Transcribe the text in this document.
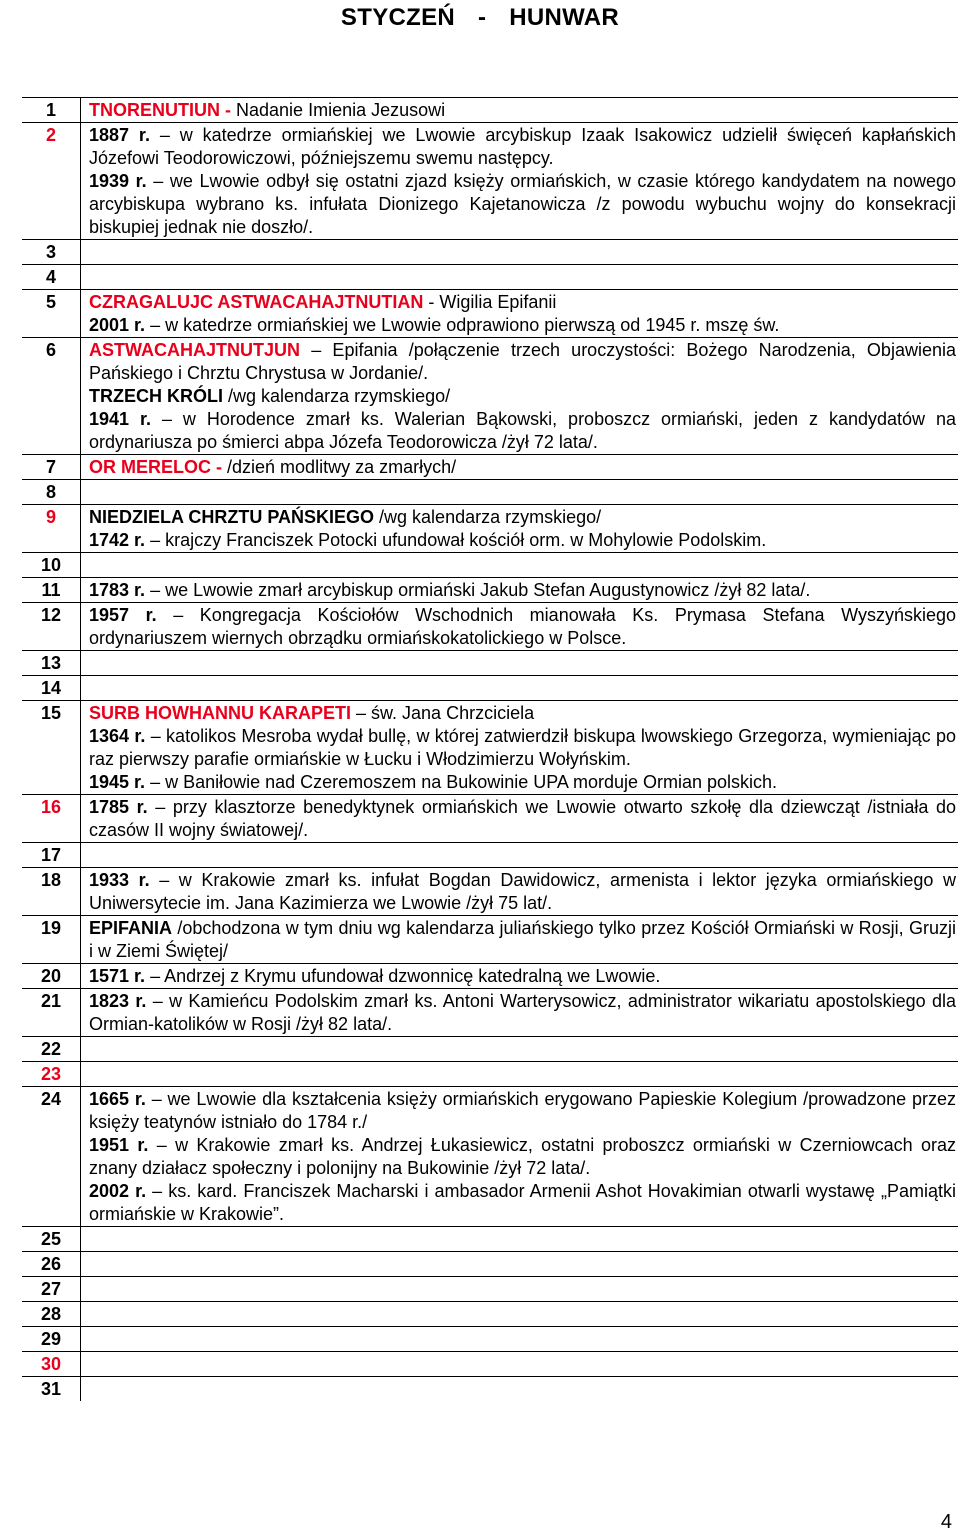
STYCZEŃ - HUNWAR
1	TNORENUTIUN - Nadanie Imienia Jezusowi
2	1887 r. – w katedrze ormiańskiej we Lwowie arcybiskup Izaak Isakowicz udzielił święceń kapłańskich Józefowi Teodorowiczowi, późniejszemu swemu następcy.
1939 r. – we Lwowie odbył się ostatni zjazd księży ormiańskich, w czasie którego kandydatem na nowego arcybiskupa wybrano ks. infułata Dionizego Kajetanowicza /z powodu wybuchu wojny do konsekracji biskupiej jednak nie doszło/.

3	
4	
5	CZRAGALUJC ASTWACAHAJTNUTIAN - Wigilia Epifanii
2001 r. – w katedrze ormiańskiej we Lwowie odprawiono pierwszą od 1945 r. mszę św.

6	ASTWACAHAJTNUTJUN – Epifania /połączenie trzech uroczystości: Bożego Narodzenia, Objawienia Pańskiego i Chrztu Chrystusa w Jordanie/.
TRZECH KRÓLI /wg kalendarza rzymskiego/
1941 r. – w Horodence zmarł ks. Walerian Bąkowski, proboszcz ormiański, jeden z kandydatów na ordynariusza po śmierci abpa Józefa Teodorowicza /żył 72 lata/.

7	OR MERELOC - /dzień modlitwy za zmarłych/
8	
9	NIEDZIELA CHRZTU PAŃSKIEGO /wg kalendarza rzymskiego/
1742 r. – krajczy Franciszek Potocki ufundował kościół orm. w Mohylowie Podolskim.

10	
11	1783 r. – we Lwowie zmarł arcybiskup ormiański Jakub Stefan Augustynowicz /żył 82 lata/.
12	1957 r. – Kongregacja Kościołów Wschodnich mianowała Ks. Prymasa Stefana Wyszyńskiego ordynariuszem wiernych obrządku ormiańskokatolickiego w Polsce.
13	
14	
15	SURB HOWHANNU KARAPETI – św. Jana Chrzciciela
1364 r. – katolikos Mesroba wydał bullę, w której zatwierdził biskupa lwowskiego Grzegorza, wymieniając po raz pierwszy parafie ormiańskie w Łucku i Włodzimierzu Wołyńskim.
1945 r. – w Baniłowie nad Czeremoszem na Bukowinie UPA morduje Ormian polskich.

16	1785 r. – przy klasztorze benedyktynek ormiańskich we Lwowie otwarto szkołę dla dziewcząt /istniała do czasów II wojny światowej/.
17	
18	1933 r. – w Krakowie zmarł ks. infułat Bogdan Dawidowicz, armenista i lektor języka ormiańskiego w Uniwersytecie im. Jana Kazimierza we Lwowie /żył 75 lat/.
19	EPIFANIA /obchodzona w tym dniu wg kalendarza juliańskiego tylko przez Kościół Ormiański w Rosji, Gruzji i w Ziemi Świętej/
20	1571 r. – Andrzej z Krymu ufundował dzwonnicę katedralną we Lwowie.
21	1823 r. – w Kamieńcu Podolskim zmarł ks. Antoni Warterysowicz, administrator wikariatu apostolskiego dla Ormian-katolików w Rosji /żył 82 lata/.
22	
23	
24	1665 r. – we Lwowie dla kształcenia księży ormiańskich erygowano Papieskie Kolegium /prowadzone przez księży teatynów istniało do 1784 r./
1951 r. – w Krakowie zmarł ks. Andrzej Łukasiewicz, ostatni proboszcz ormiański w Czerniowcach oraz znany działacz społeczny i polonijny na Bukowinie /żył 72 lata/.
2002 r. – ks. kard. Franciszek Macharski i ambasador Armenii Ashot Hovakimian otwarli wystawę „Pamiątki ormiańskie w Krakowie”.

25	
26	
27	
28	
29	
30	
31	
4
